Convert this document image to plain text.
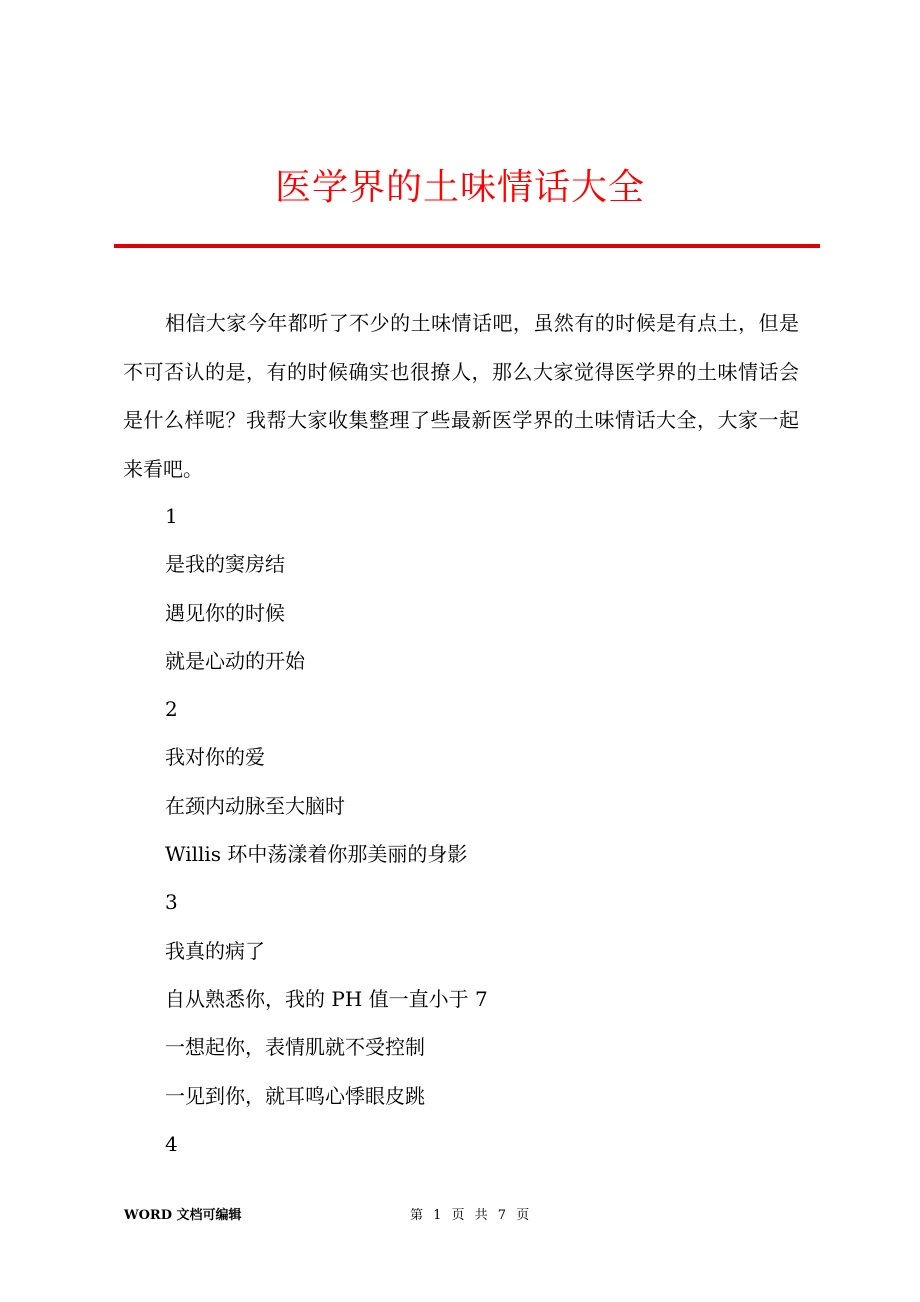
医学界的土味情话大全

相信大家今年都听了不少的土味情话吧，虽然有的时候是有点土，但是不可否认的是，有的时候确实也很撩人，那么大家觉得医学界的土味情话会是什么样呢？我帮大家收集整理了些最新医学界的土味情话大全，大家一起来看吧。

1
是我的窦房结
遇见你的时候
就是心动的开始
2
我对你的爱
在颈内动脉至大脑时
Willis 环中荡漾着你那美丽的身影
3
我真的病了
自从熟悉你，我的 PH 值一直小于 7
一想起你，表情肌就不受控制
一见到你，就耳鸣心悸眼皮跳
4
WORD 文档可编辑	第 1 页 共 7 页
